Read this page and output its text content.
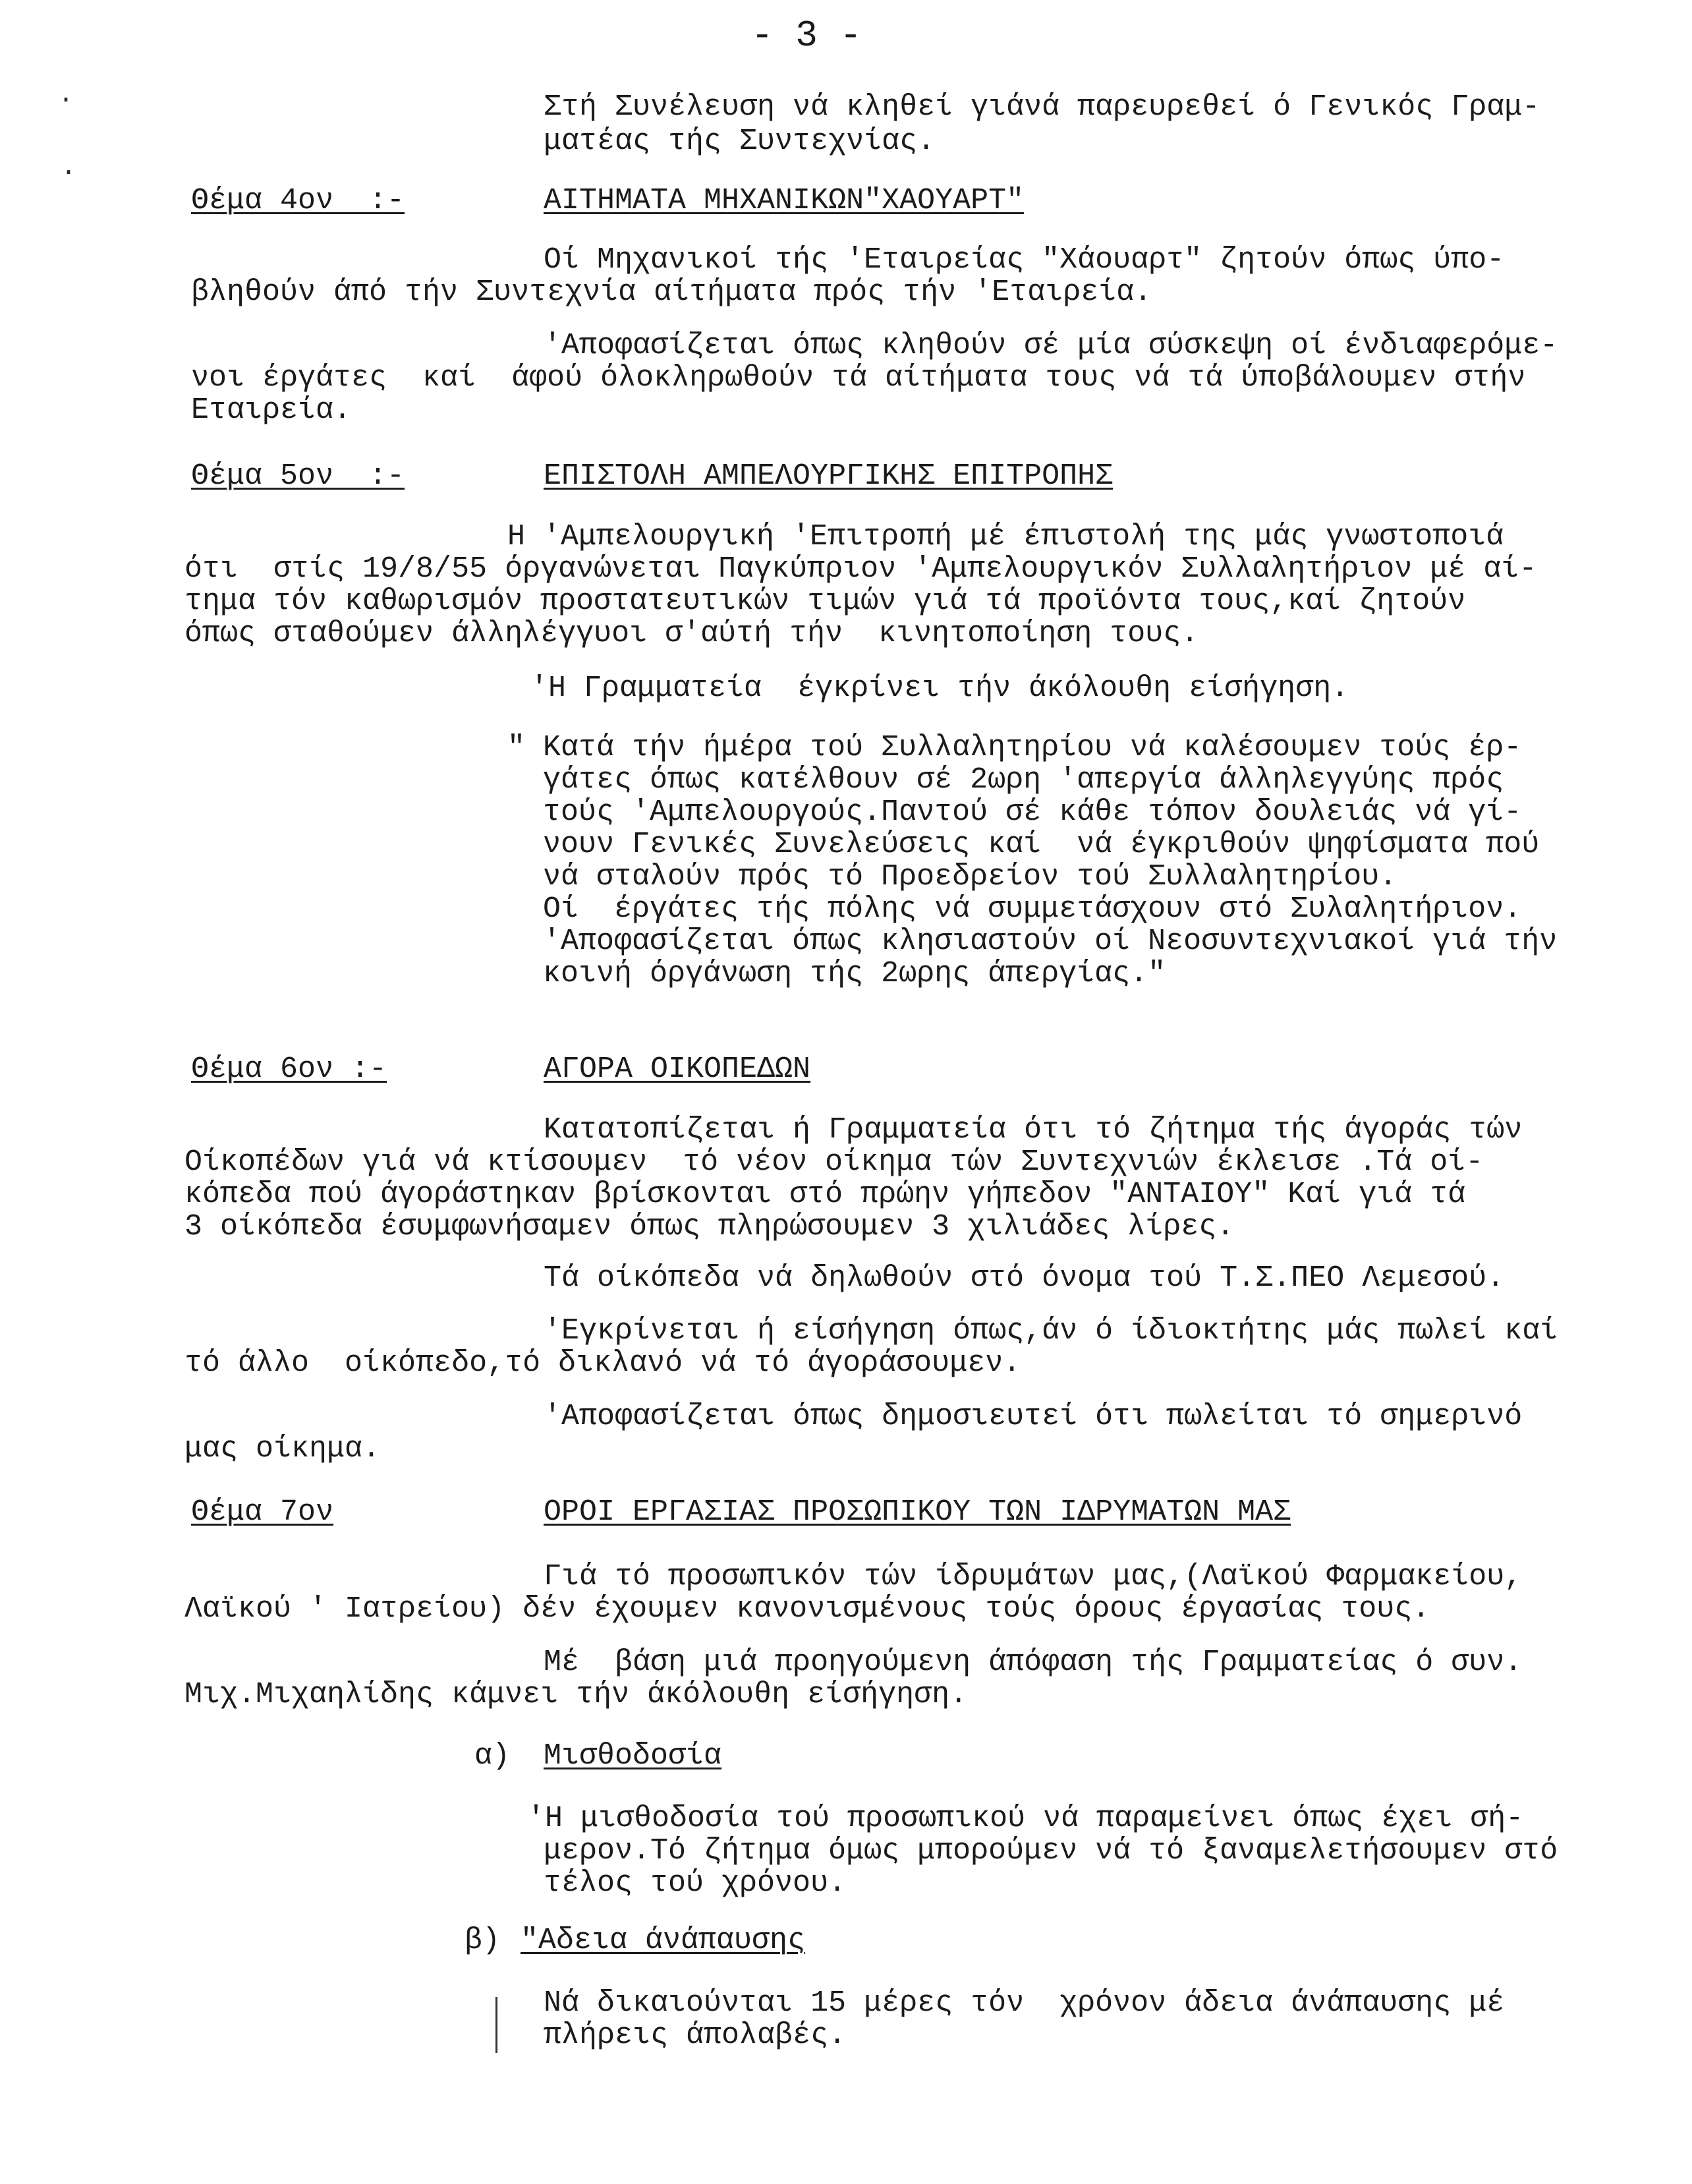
- 3 -
·
·
Στή Συνέλευση νά κληθεί γιάνά παρευρεθεί ό Γενικός Γραμ-
ματέας τής Συντεχνίας.
Θέμα 4ον  :-	ΑΙΤΗΜΑΤΑ ΜΗΧΑΝΙΚΩΝ"ΧΑΟΥΑΡΤ"
Οί Μηχανικοί τής 'Εταιρείας "Χάουαρτ" ζητούν όπως ύπο-
βληθούν άπό τήν Συντεχνία αίτήματα πρός τήν 'Εταιρεία.
'Αποφασίζεται όπως κληθούν σέ μία σύσκεψη οί ένδιαφερόμε-
νοι έργάτες  καί  άφού όλοκληρωθούν τά αίτήματα τους νά τά ύποβάλουμεν στήν
Εταιρεία.
Θέμα 5ον  :-	ΕΠΙΣΤΟΛΗ ΑΜΠΕΛΟΥΡΓΙΚΗΣ ΕΠΙΤΡΟΠΗΣ
Η 'Αμπελουργική 'Επιτροπή μέ έπιστολή της μάς γνωστοποιά
ότι  στίς 19/8/55 όργανώνεται Παγκύπριον 'Αμπελουργικόν Συλλαλητήριον μέ αί-
τημα τόν καθωρισμόν προστατευτικών τιμών γιά τά προϊόντα τους,καί ζητούν
όπως σταθούμεν άλληλέγγυοι σ'αύτή τήν  κινητοποίηση τους.
'Η Γραμματεία  έγκρίνει τήν άκόλουθη είσήγηση.
" Κατά τήν ήμέρα τού Συλλαλητηρίου νά καλέσουμεν τούς έρ-
γάτες όπως κατέλθουν σέ 2ωρη 'απεργία άλληλεγγύης πρός
τούς 'Αμπελουργούς.Παντού σέ κάθε τόπον δουλειάς νά γί-
νουν Γενικές Συνελεύσεις καί  νά έγκριθούν ψηφίσματα πού
νά σταλούν πρός τό Προεδρείον τού Συλλαλητηρίου.
Οί  έργάτες τής πόλης νά συμμετάσχουν στό Συλαλητήριον.
'Αποφασίζεται όπως κλησιαστούν οί Νεοσυντεχνιακοί γιά τήν
κοινή όργάνωση τής 2ωρης άπεργίας."
Θέμα 6ον :-	ΑΓΟΡΑ ΟΙΚΟΠΕΔΩΝ
Κατατοπίζεται ή Γραμματεία ότι τό ζήτημα τής άγοράς τών
Οίκοπέδων γιά νά κτίσουμεν  τό νέον οίκημα τών Συντεχνιών έκλεισε .Τά οί-
κόπεδα πού άγοράστηκαν βρίσκονται στό πρώην γήπεδον "ΑΝΤΑΙΟΥ" Καί γιά τά
3 οίκόπεδα έσυμφωνήσαμεν όπως πληρώσουμεν 3 χιλιάδες λίρες.
Τά οίκόπεδα νά δηλωθούν στό όνομα τού Τ.Σ.ΠΕΟ Λεμεσού.
'Εγκρίνεται ή είσήγηση όπως,άν ό ίδιοκτήτης μάς πωλεί καί
τό άλλο  οίκόπεδο,τό δικλανό νά τό άγοράσουμεν.
'Αποφασίζεται όπως δημοσιευτεί ότι πωλείται τό σημερινό
μας οίκημα.
Θέμα 7ον	ΟΡΟΙ ΕΡΓΑΣΙΑΣ ΠΡΟΣΩΠΙΚΟΥ ΤΩΝ ΙΔΡΥΜΑΤΩΝ ΜΑΣ
Γιά τό προσωπικόν τών ίδρυμάτων μας,(Λαϊκού Φαρμακείου,
Λαϊκού ' Ιατρείου) δέν έχουμεν κανονισμένους τούς όρους έργασίας τους.
Μέ  βάση μιά προηγούμενη άπόφαση τής Γραμματείας ό συν.
Μιχ.Μιχαηλίδης κάμνει τήν άκόλουθη είσήγηση.
α) Μισθοδοσία
'Η μισθοδοσία τού προσωπικού νά παραμείνει όπως έχει σή-
μερον.Τό ζήτημα όμως μπορούμεν νά τό ξαναμελετήσουμεν στό
τέλος τού χρόνου.
β) "Αδεια άνάπαυσης
Νά δικαιούνται 15 μέρες τόν  χρόνον άδεια άνάπαυσης μέ
πλήρεις άπολαβές.
